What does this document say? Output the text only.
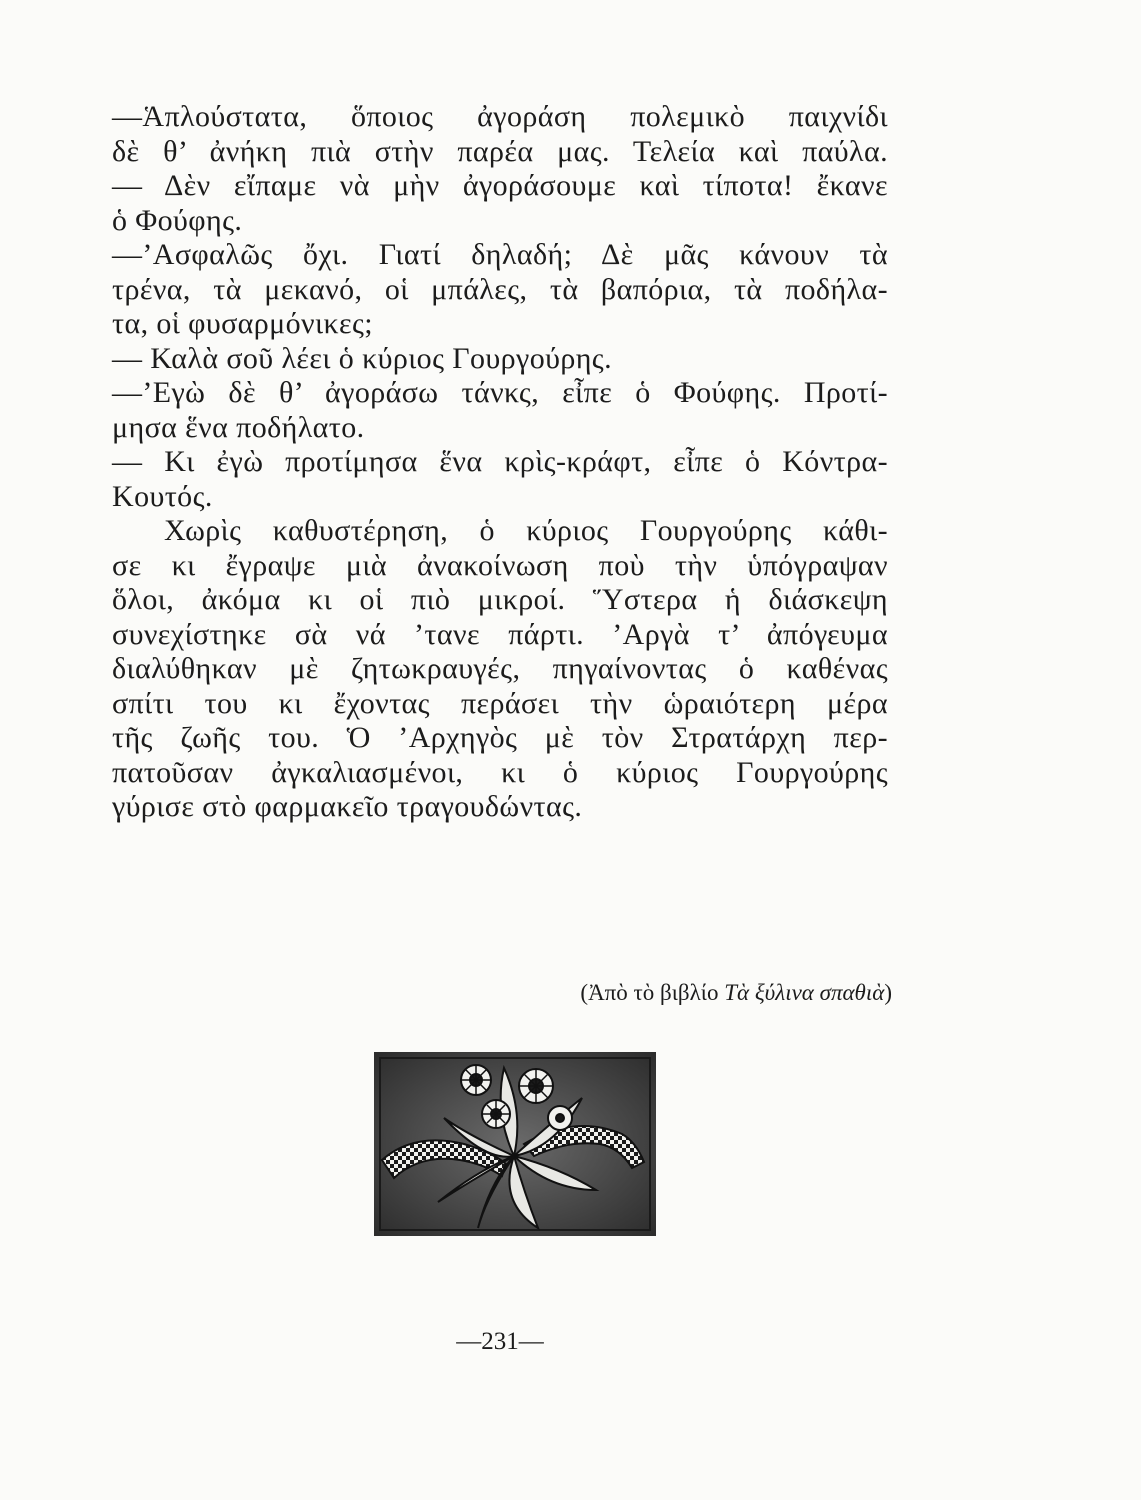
—Ἁπλούστατα, ὅποιος ἀγοράση πολεμικὸ παιχνίδι
δὲ θ’ ἀνήκη πιὰ στὴν παρέα μας. Τελεία καὶ παύλα.
— Δὲν εἴπαμε νὰ μὴν ἀγοράσουμε καὶ τίποτα! ἔκανε
ὁ Φούφης.
—’Ασφαλῶς ὄχι. Γιατί δηλαδή; Δὲ μᾶς κάνουν τὰ
τρένα, τὰ μεκανό, οἱ μπάλες, τὰ βαπόρια, τὰ ποδήλα-
τα, οἱ φυσαρμόνικες;
— Καλὰ σοῦ λέει ὁ κύριος Γουργούρης.
—’Εγὼ δὲ θ’ ἀγοράσω τάνκς, εἶπε ὁ Φούφης. Προτί-
μησα ἕνα ποδήλατο.
— Κι ἐγὼ προτίμησα ἕνα κρὶς-κράφτ, εἶπε ὁ Κόντρα-
Κουτός.
Χωρὶς καθυστέρηση, ὁ κύριος Γουργούρης κάθι-
σε κι ἔγραψε μιὰ ἀνακοίνωση ποὺ τὴν ὑπόγραψαν
ὅλοι, ἀκόμα κι οἱ πιὸ μικροί. Ὕστερα ἡ διάσκεψη
συνεχίστηκε σὰ νά ’τανε πάρτι. ’Αργὰ τ’ ἀπόγευμα
διαλύθηκαν μὲ ζητωκραυγές, πηγαίνοντας ὁ καθένας
σπίτι του κι ἔχοντας περάσει τὴν ὡραιότερη μέρα
τῆς ζωῆς του. Ὁ ’Αρχηγὸς μὲ τὸν Στρατάρχη περ-
πατοῦσαν ἀγκαλιασμένοι, κι ὁ κύριος Γουργούρης
γύρισε στὸ φαρμακεῖο τραγουδώντας.
(Ἀπὸ τὸ βιβλίο Τὰ ξύλινα σπαθιὰ)
—231—
